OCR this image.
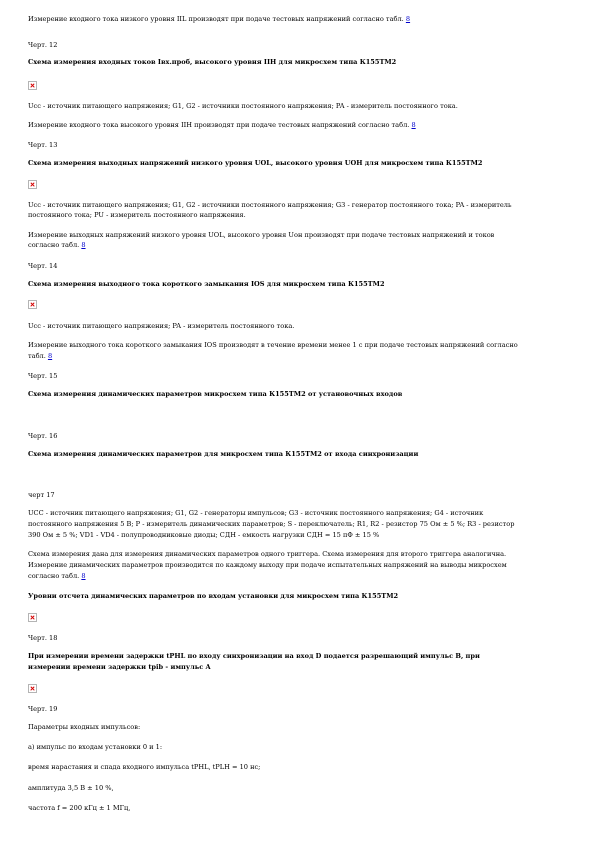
Измерение входного тока низкого уровня IIL производят при подаче тестовых напряжений согласно табл. 8
Черт. 12
Схема измерения входных токов Iвх.проб, высокого уровня IIH для микросхем типа К155ТМ2
Ucc - источник питающего напряжения; G1, G2 - источники постоянного напряжения; PA - измеритель постоянного тока.
Измерение входного тока высокого уровня IIH производят при подаче тестовых напряжений согласно табл. 8
Черт. 13
Схема измерения выходных напряжений низкого уровня UOL, высокого уровня UOH для микросхем типа К155ТМ2
Ucc - источник питающего напряжения; G1, G2 - источники постоянного напряжения; G3 - генератор постоянного тока; PA - измеритель
постоянного тока; PU - измеритель постоянного напряжения.
Измерение выходных напряжений низкого уровня UOL, высокого уровня Uон производят при подаче тестовых напряжений и токов
согласно табл. 8
Черт. 14
Схема измерения выходного тока короткого замыкания IOS для микросхем типа К155ТМ2
Ucc - источник питающего напряжения; PA - измеритель постоянного тока.
Измерение выходного тока короткого замыкания IOS производят в течение времени менее 1 с при подаче тестовых напряжений согласно
табл. 8
Черт. 15
Схема измерения динамических параметров микросхем типа К155ТМ2 от установочных входов
Черт. 16
Схема измерения динамических параметров для микросхем типа К155ТМ2 от входа синхронизации
черт 17
UCC - источник питающего напряжения; G1, G2 - генераторы импульсов; G3 - источник постоянного напряжения; G4 - источник
постоянного напряжения 5 В; P - измеритель динамических параметров; S - переключатель; R1, R2 - резистор 75 Ом ± 5 %; R3 - резистор
390 Ом ± 5 %; VD1 - VD4 - полупроводниковые диоды; СДН - емкость нагрузки СДН = 15 пФ ± 15 %
Схема измерения дана для измерения динамических параметров одного триггера. Схема измерения для второго триггера аналогична.
Измерение динамических параметров производится по каждому выходу при подаче испытательных напряжений на выводы микросхем
согласно табл. 8
Уровни отсчета динамических параметров по входам установки для микросхем типа К155ТМ2
Черт. 18
При измерении времени задержки tPHL по входу синхронизации на вход D подается разрешающий импульс B, при
измерении времени задержки tpib - импульс A
Черт. 19
Параметры входных импульсов:
а) импульс по входам установки 0 и 1:
время нарастания и спада входного импульса tPHL, tPLH = 10 нс;
амплитуда 3,5 В ± 10 %,
частота f = 200 кГц ± 1 МГц,
